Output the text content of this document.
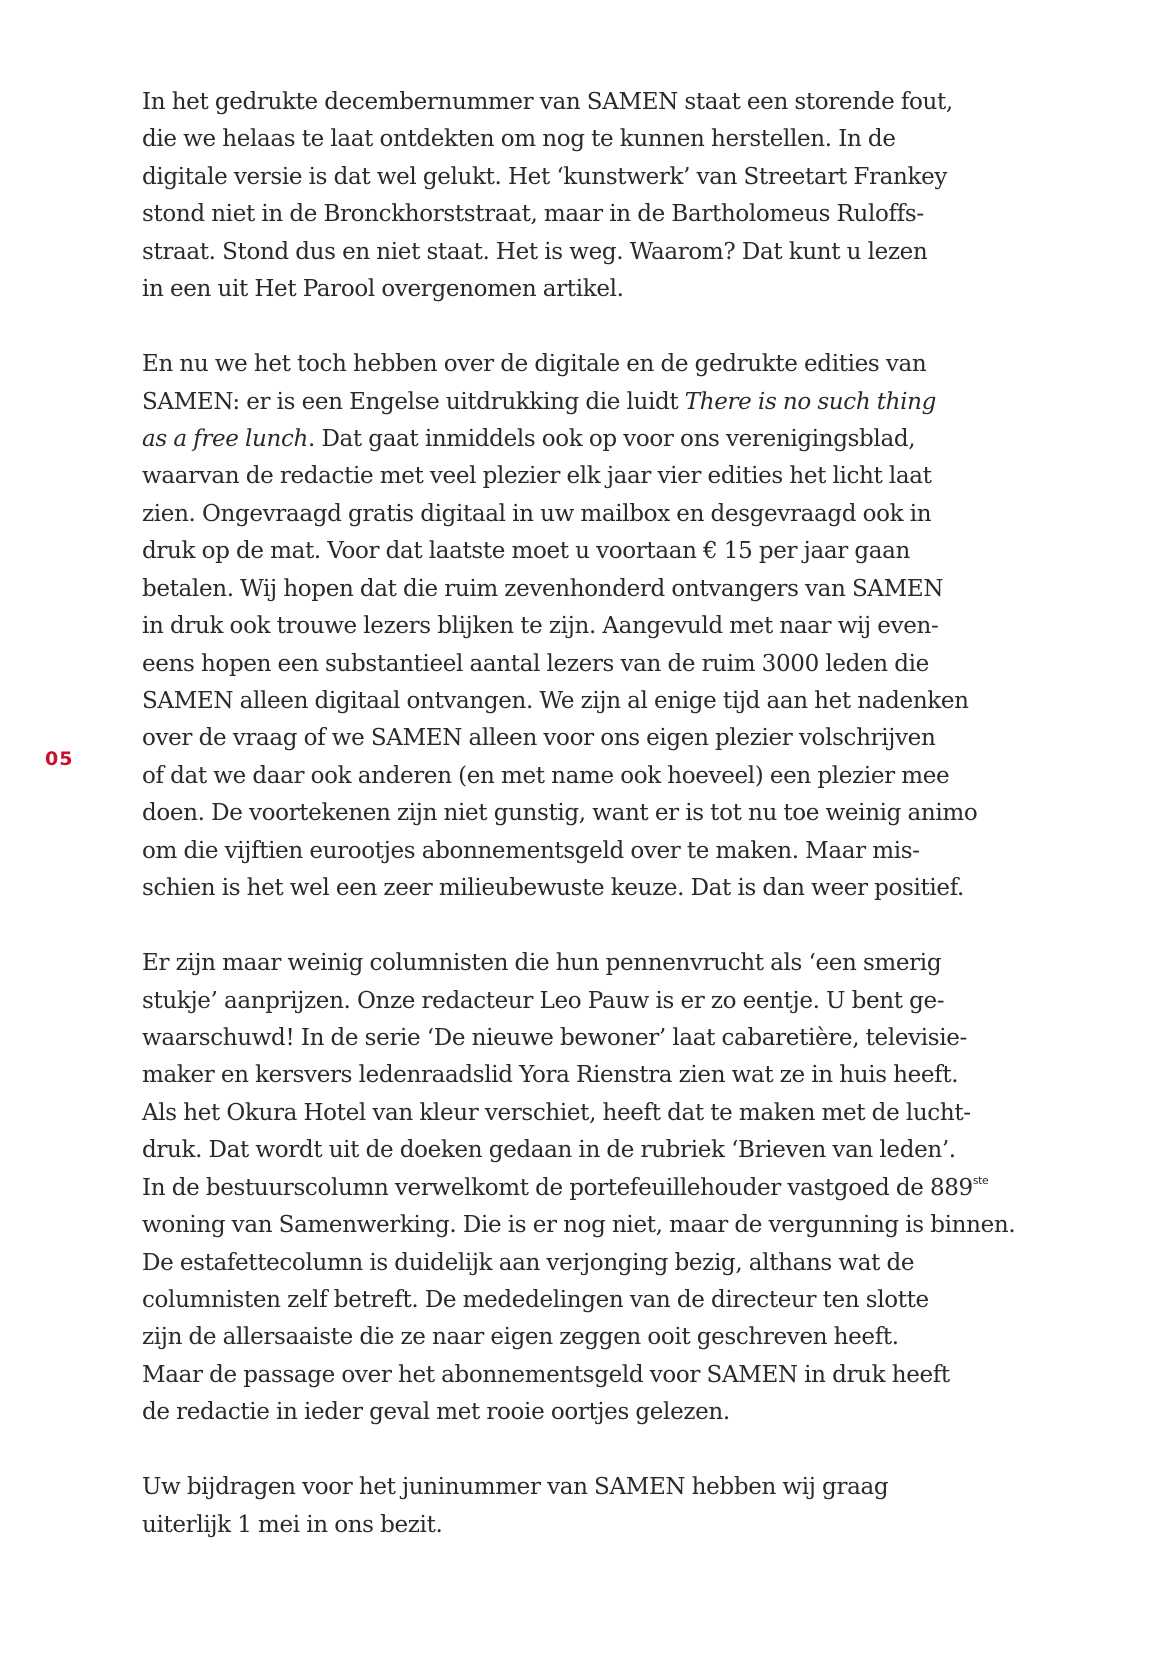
05
In het gedrukte decembernummer van SAMEN staat een storende fout,
die we helaas te laat ontdekten om nog te kunnen herstellen. In de
digitale versie is dat wel gelukt. Het ‘kunstwerk’ van Streetart Frankey
stond niet in de Bronckhorststraat, maar in de Bartholomeus Ruloffs-
straat. Stond dus en niet staat. Het is weg. Waarom? Dat kunt u lezen
in een uit Het Parool overgenomen artikel.
En nu we het toch hebben over de digitale en de gedrukte edities van
SAMEN: er is een Engelse uitdrukking die luidt There is no such thing
as a free lunch. Dat gaat inmiddels ook op voor ons verenigingsblad,
waarvan de redactie met veel plezier elk jaar vier edities het licht laat
zien. Ongevraagd gratis digitaal in uw mailbox en desgevraagd ook in
druk op de mat. Voor dat laatste moet u voortaan € 15 per jaar gaan
betalen. Wij hopen dat die ruim zevenhonderd ontvangers van SAMEN
in druk ook trouwe lezers blijken te zijn. Aangevuld met naar wij even-
eens hopen een substantieel aantal lezers van de ruim 3000 leden die
SAMEN alleen digitaal ontvangen. We zijn al enige tijd aan het nadenken
over de vraag of we SAMEN alleen voor ons eigen plezier volschrijven
of dat we daar ook anderen (en met name ook hoeveel) een plezier mee
doen. De voortekenen zijn niet gunstig, want er is tot nu toe weinig animo
om die vijftien eurootjes abonnementsgeld over te maken. Maar mis-
schien is het wel een zeer milieubewuste keuze. Dat is dan weer positief.
Er zijn maar weinig columnisten die hun pennenvrucht als ‘een smerig
stukje’ aanprijzen. Onze redacteur Leo Pauw is er zo eentje. U bent ge-
waarschuwd! In de serie ‘De nieuwe bewoner’ laat cabaretière, televisie-
maker en kersvers ledenraadslid Yora Rienstra zien wat ze in huis heeft.
Als het Okura Hotel van kleur verschiet, heeft dat te maken met de lucht-
druk. Dat wordt uit de doeken gedaan in de rubriek ‘Brieven van leden’.
In de bestuurscolumn verwelkomt de portefeuillehouder vastgoed de 889ste
woning van Samenwerking. Die is er nog niet, maar de vergunning is binnen.
De estafettecolumn is duidelijk aan verjonging bezig, althans wat de
columnisten zelf betreft. De mededelingen van de directeur ten slotte
zijn de allersaaiste die ze naar eigen zeggen ooit geschreven heeft.
Maar de passage over het abonnementsgeld voor SAMEN in druk heeft
de redactie in ieder geval met rooie oortjes gelezen.
Uw bijdragen voor het juninummer van SAMEN hebben wij graag
uiterlijk 1 mei in ons bezit.
